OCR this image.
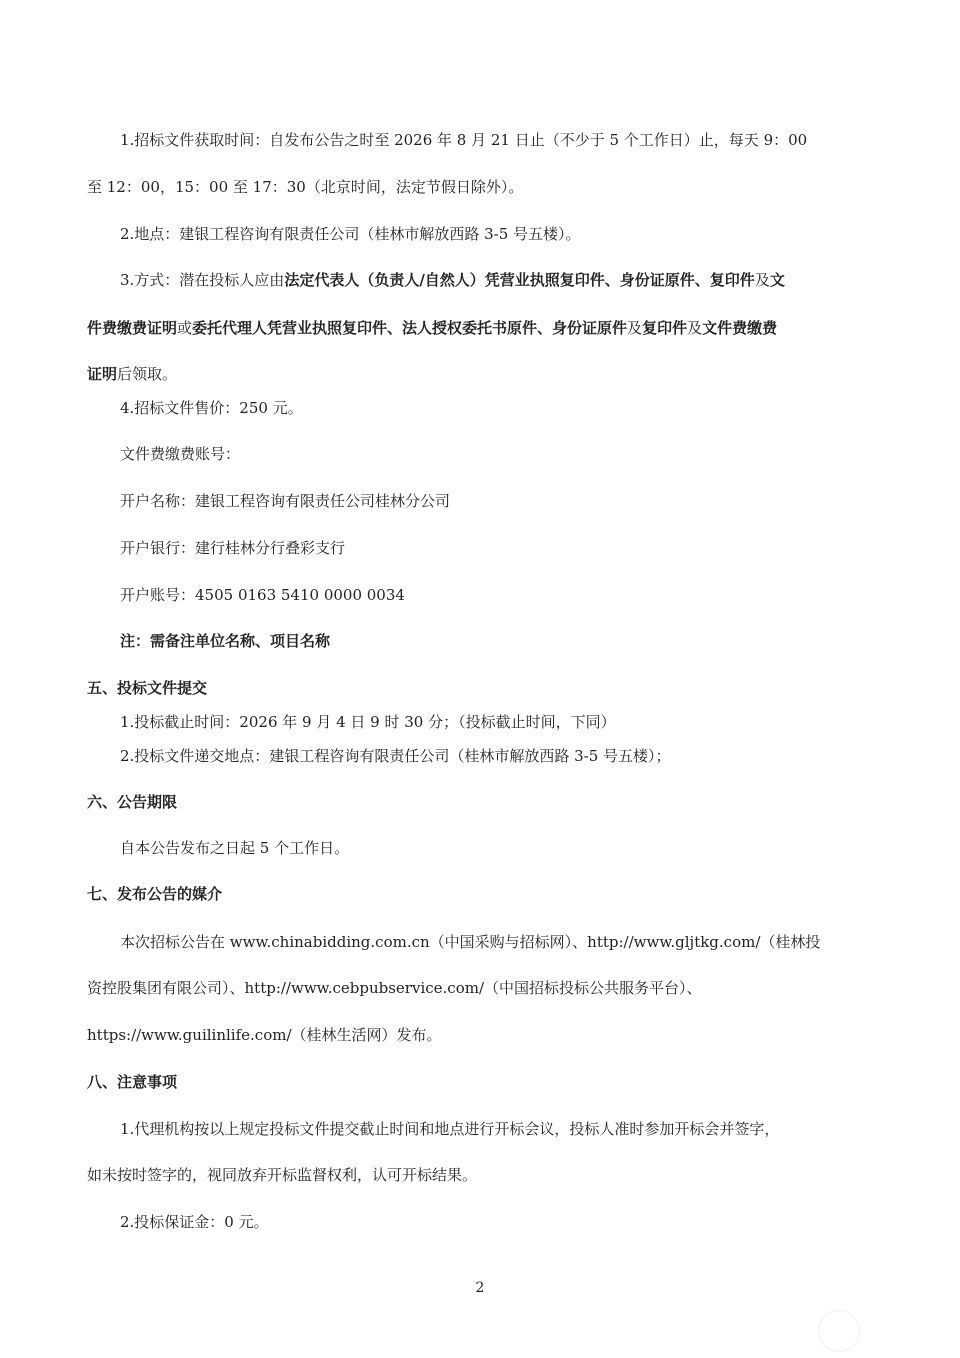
1.招标文件获取时间：自发布公告之时至 2026 年 8 月 21 日止（不少于 5 个工作日）止，每天 9：00
至 12：00，15：00 至 17：30（北京时间，法定节假日除外）。
2.地点：建银工程咨询有限责任公司（桂林市解放西路 3-5 号五楼）。
3.方式：潜在投标人应由法定代表人（负责人/自然人）凭营业执照复印件、身份证原件、复印件及文
件费缴费证明或委托代理人凭营业执照复印件、法人授权委托书原件、身份证原件及复印件及文件费缴费
证明后领取。
4.招标文件售价：250 元。
文件费缴费账号：
开户名称：建银工程咨询有限责任公司桂林分公司
开户银行：建行桂林分行叠彩支行
开户账号：4505 0163 5410 0000 0034
注：需备注单位名称、项目名称
五、投标文件提交
1.投标截止时间：2026 年 9 月 4 日 9 时 30 分；（投标截止时间，下同）
2.投标文件递交地点：建银工程咨询有限责任公司（桂林市解放西路 3-5 号五楼）；
六、公告期限
自本公告发布之日起 5 个工作日。
七、发布公告的媒介
本次招标公告在 www.chinabidding.com.cn（中国采购与招标网）、http://www.gljtkg.com/（桂林投
资控股集团有限公司）、http://www.cebpubservice.com/（中国招标投标公共服务平台）、
https://www.guilinlife.com/（桂林生活网）发布。
八、注意事项
1.代理机构按以上规定投标文件提交截止时间和地点进行开标会议，投标人准时参加开标会并签字，
如未按时签字的，视同放弃开标监督权利，认可开标结果。
2.投标保证金：0 元。
2
